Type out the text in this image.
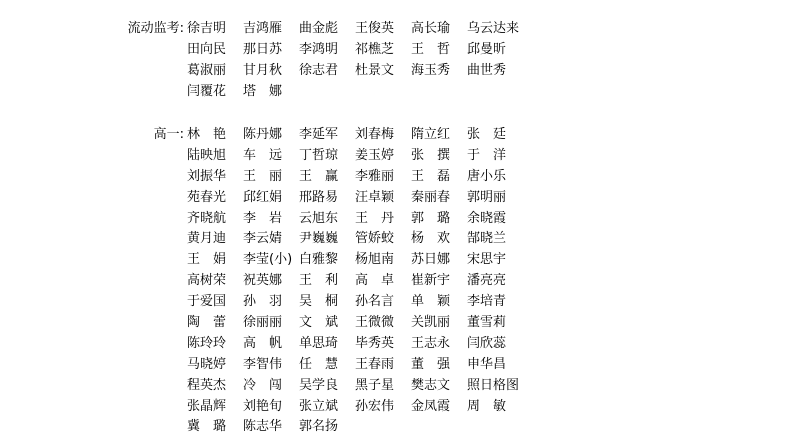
流动监考: 徐吉明	吉鸿雁	曲金彪	王俊英	高长瑜	乌云达来
田向民	那日苏	李鸿明	祁樵芝	王　哲	邱曼昕
葛淑丽	甘月秋	徐志君	杜景文	海玉秀	曲世秀
闫覆花	塔　娜
高一: 林　艳	陈丹娜	李延军	刘春梅	隋立红	张　廷
陆映旭	车　远	丁哲琼	姜玉婷	张　撰	于　洋
刘振华	王　丽	王　赢	李雅丽	王　磊	唐小乐
苑春光	邱红娟	邢路易	汪卓颖	秦丽春	郭明丽
齐晓航	李　岩	云旭东	王　丹	郭　璐	余晓霞
黄月迪	李云婧	尹巍巍	管娇蛟	杨　欢	郜晓兰
王　娟	李莹(小) 白雅黎	杨旭南	苏日娜	宋思宇
高树荣	祝英娜	王　利	高　卓	崔新宇	潘亮亮
于爱国	孙　羽	吴　桐	孙名言	单　颖	李培青
陶　蕾	徐丽丽	文　斌	王微微	关凯丽	董雪莉
陈玲玲	高　帆	单思琦	毕秀英	王志永	闫欣蕊
马晓婷	李智伟	任　慧	王春雨	董　强	申华昌
程英杰	冷　闯	吴学良	黑子星	樊志文	照日格图
张晶辉	刘艳旬	张立斌	孙宏伟	金凤霞	周　敏
冀　璐	陈志华	郭名扬
